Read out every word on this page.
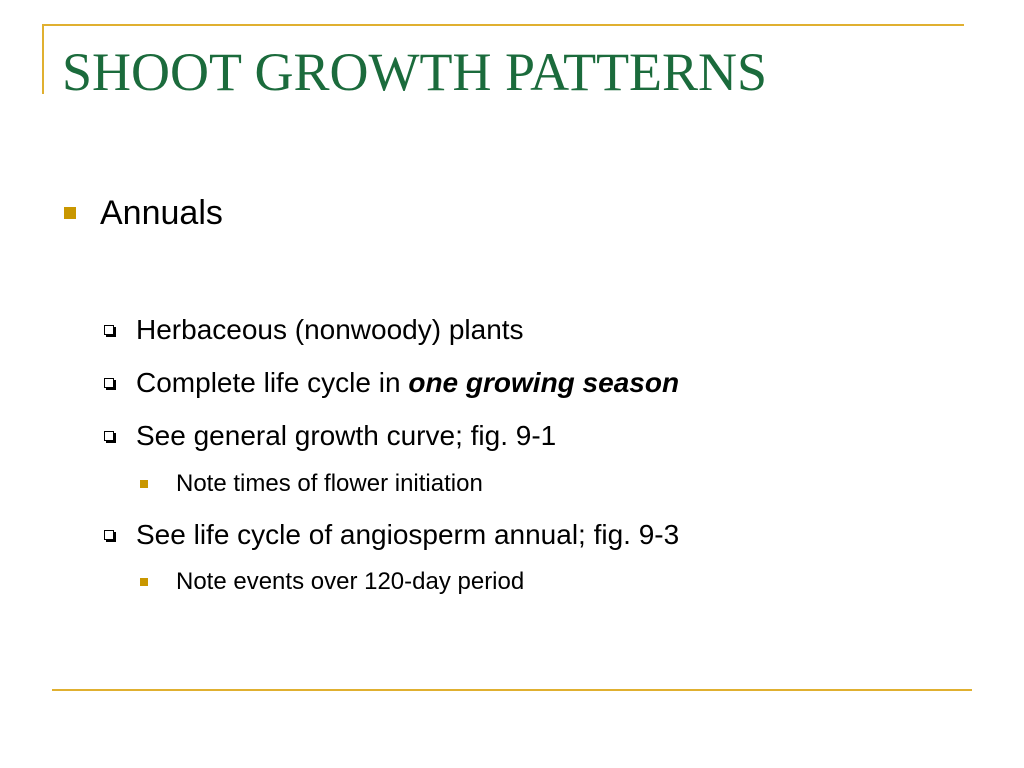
SHOOT GROWTH PATTERNS
Annuals
Herbaceous (nonwoody) plants
Complete life cycle in one growing season
See general growth curve; fig. 9-1
Note times of flower initiation
See life cycle of angiosperm annual; fig. 9-3
Note events over 120-day period
